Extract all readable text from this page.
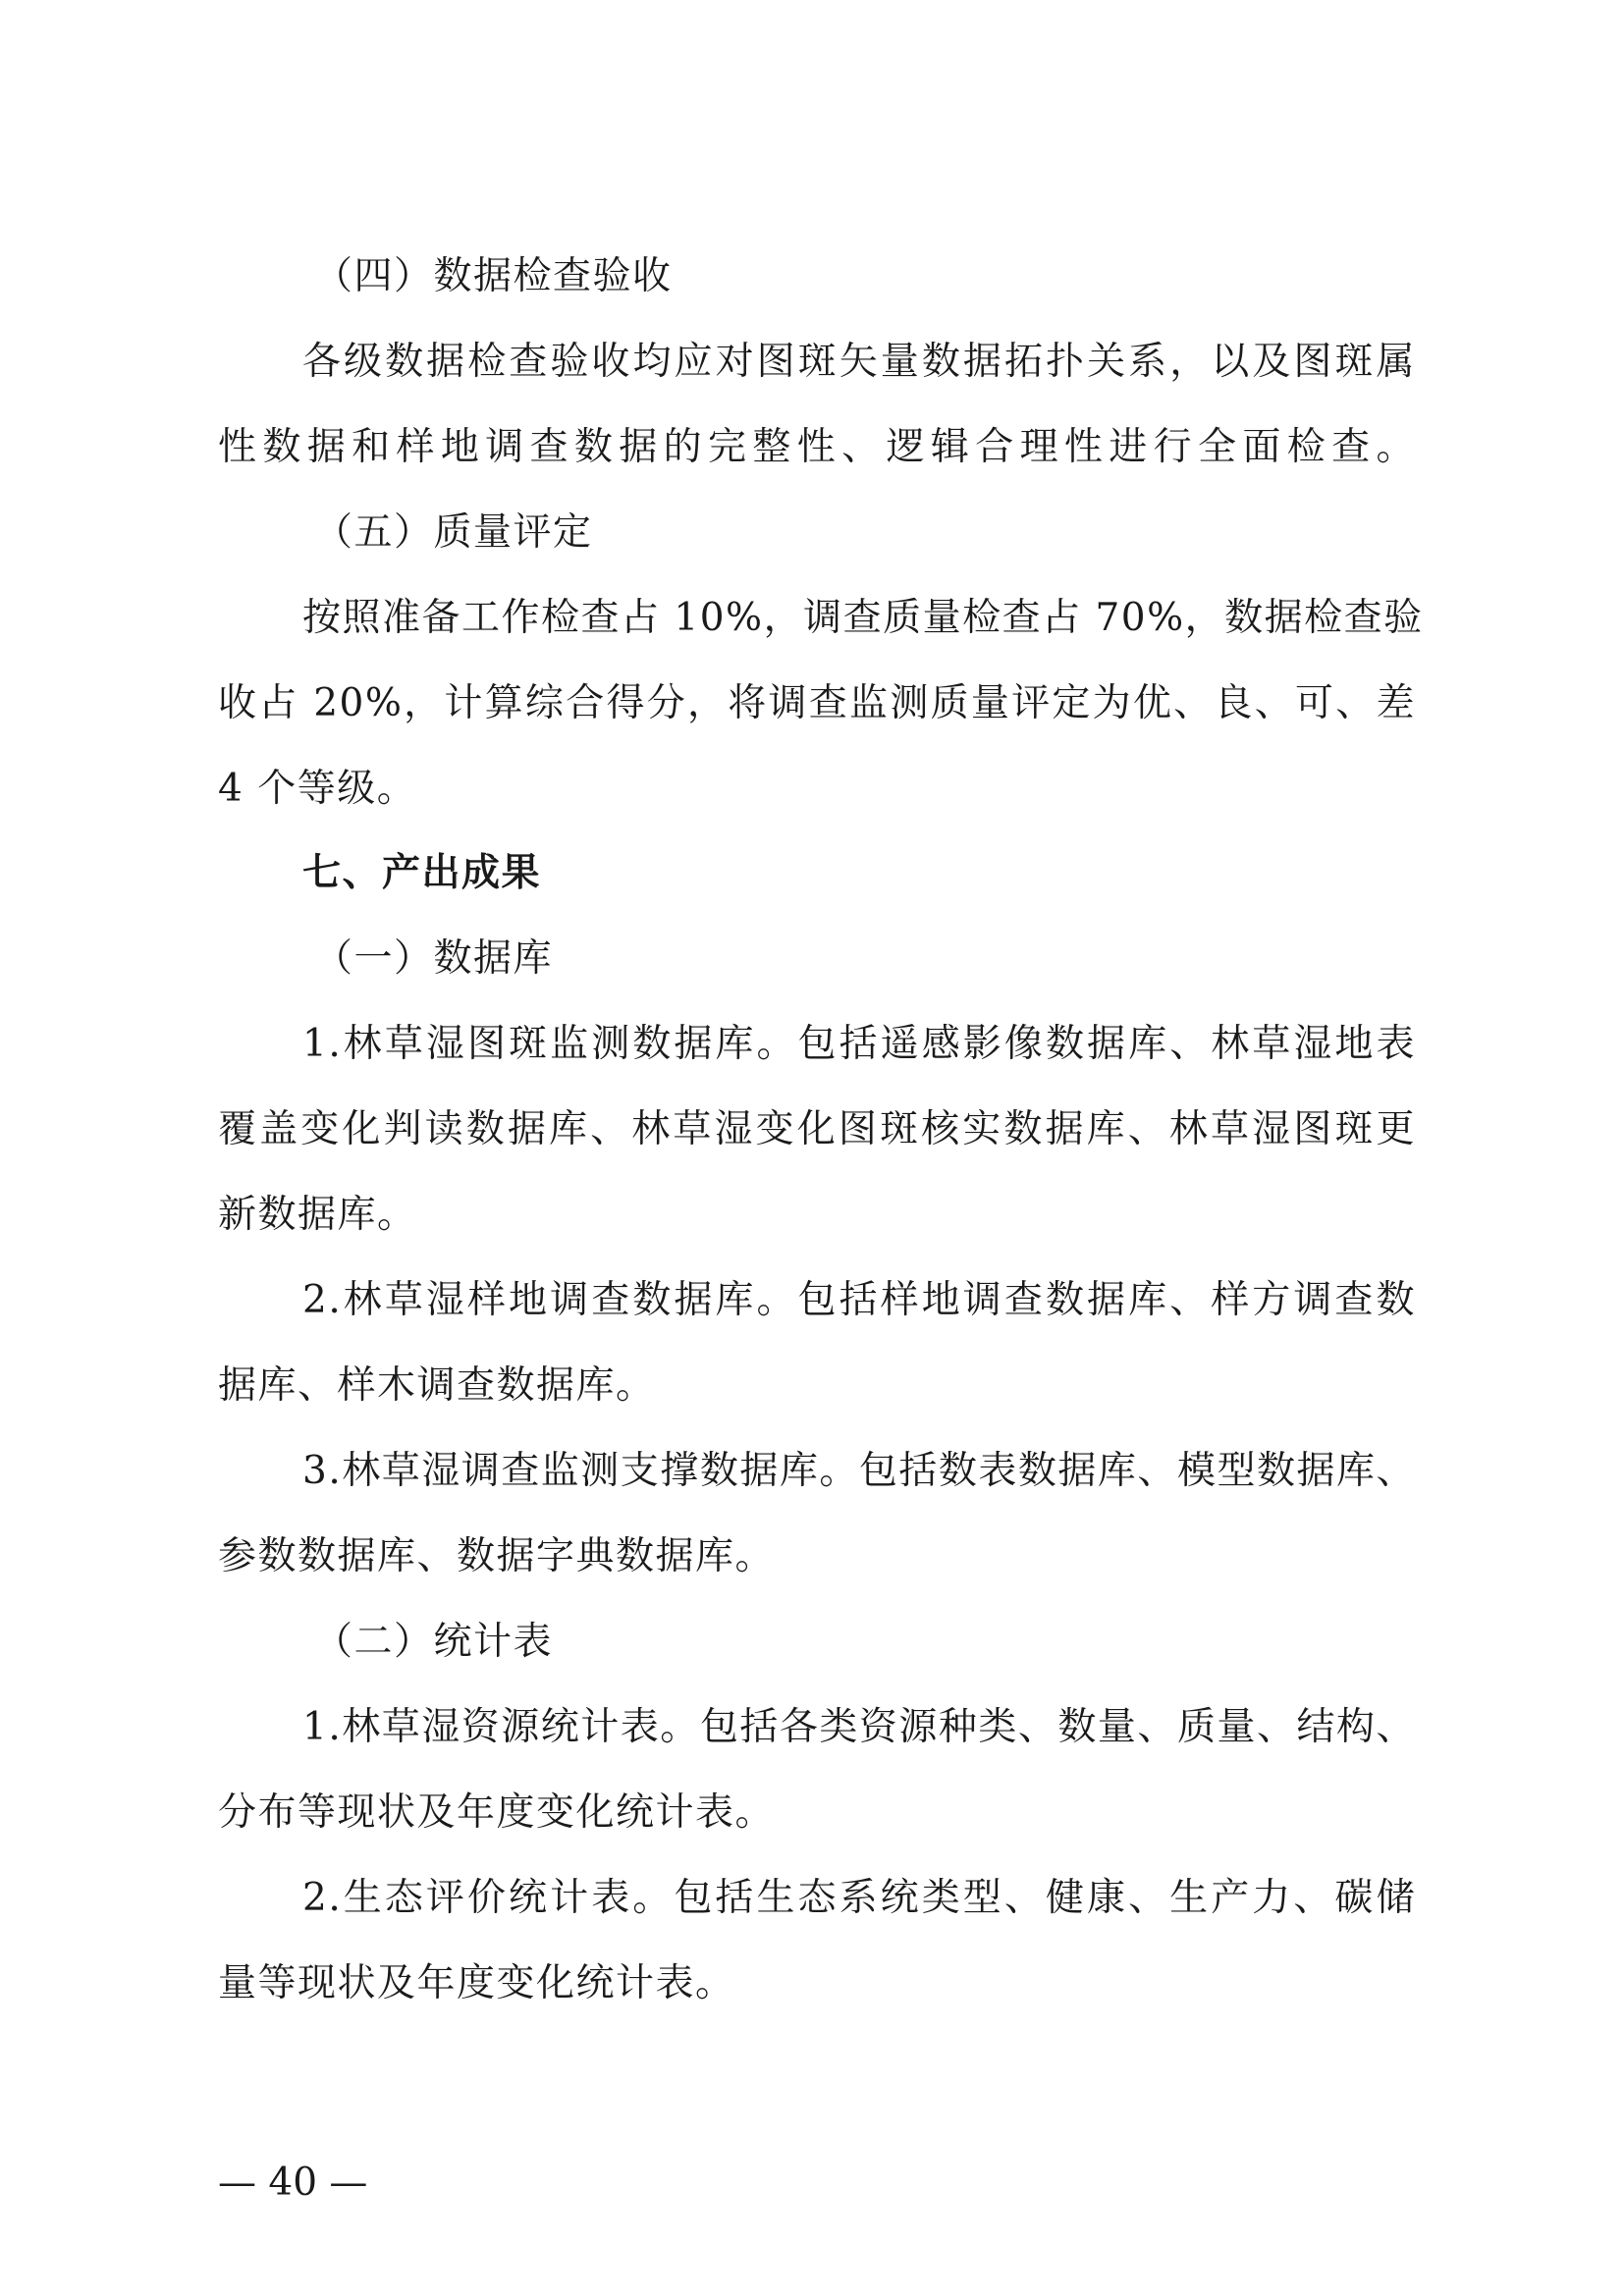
（四）数据检查验收
各级数据检查验收均应对图斑矢量数据拓扑关系，以及图斑属
性数据和样地调查数据的完整性、逻辑合理性进行全面检查。
（五）质量评定
按照准备工作检查占 10%，调查质量检查占 70%，数据检查验
收占 20%，计算综合得分，将调查监测质量评定为优、良、可、差
4 个等级。
七、产出成果
（一）数据库
1.林草湿图斑监测数据库。包括遥感影像数据库、林草湿地表
覆盖变化判读数据库、林草湿变化图斑核实数据库、林草湿图斑更
新数据库。
2.林草湿样地调查数据库。包括样地调查数据库、样方调查数
据库、样木调查数据库。
3.林草湿调查监测支撑数据库。包括数表数据库、模型数据库、
参数数据库、数据字典数据库。
（二）统计表
1.林草湿资源统计表。包括各类资源种类、数量、质量、结构、
分布等现状及年度变化统计表。
2.生态评价统计表。包括生态系统类型、健康、生产力、碳储
量等现状及年度变化统计表。
— 40 —
